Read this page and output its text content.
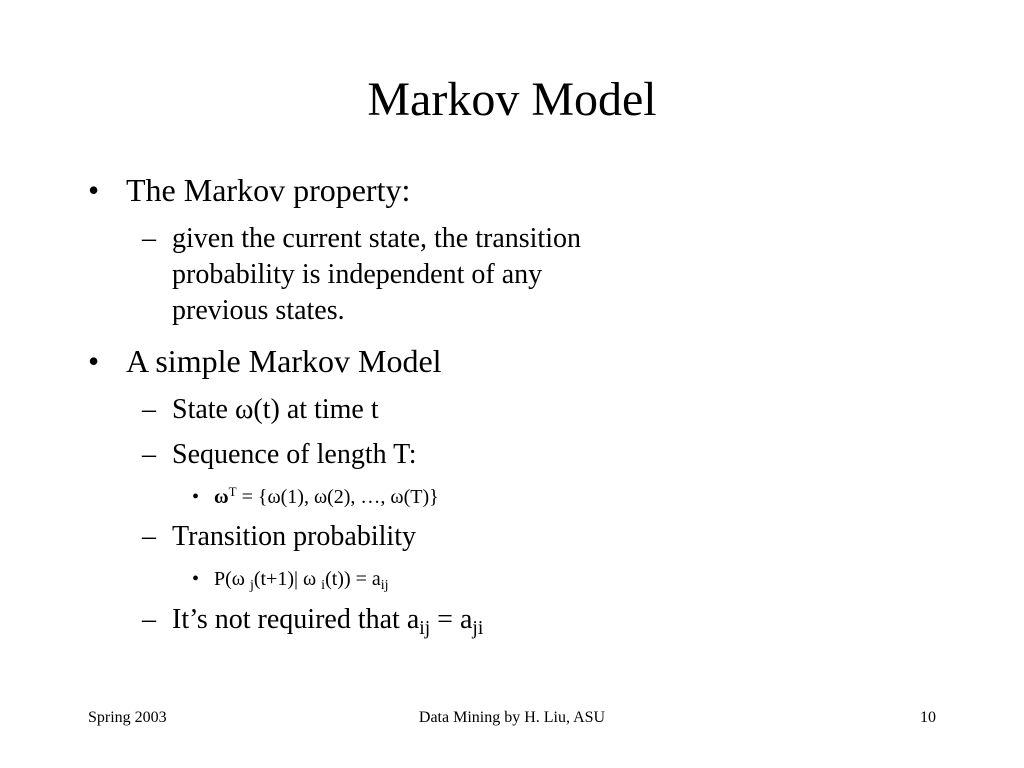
Markov Model
• The Markov property:
– given the current state, the transition
probability is independent of any
previous states.
• A simple Markov Model
– State ω(t) at time t
– Sequence of length T:
• $\omega^T = \{\omega(1)$, ω(2), …, ω(T)}
– Transition probability
• P(ω $_j$(t+1)| ω $_i(t)) = a_{ij}$
– It’s not required that $a_{ij} = a_{ji}$
Spring 2003	Data Mining by H. Liu, ASU	10
